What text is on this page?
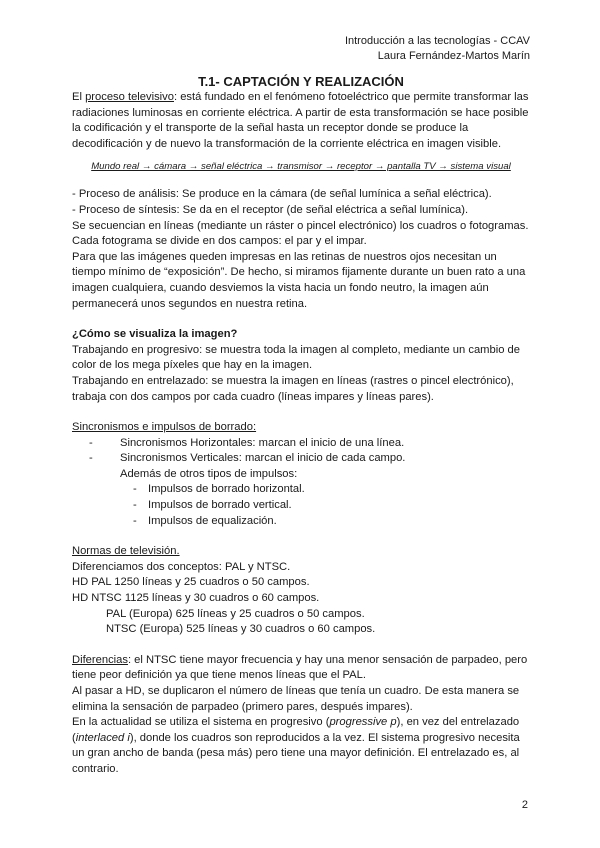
Introducción a las tecnologías - CCAV
Laura Fernández-Martos Marín
T.1- CAPTACIÓN Y REALIZACIÓN

El proceso televisivo: está fundado en el fenómeno fotoeléctrico que permite transformar las radiaciones luminosas en corriente eléctrica. A partir de esta transformación se hace posible la codificación y el transporte de la señal hasta un receptor donde se produce la decodificación y de nuevo la transformación de la corriente eléctrica en imagen visible.

Mundo real → cámara → señal eléctrica → transmisor → receptor → pantalla TV → sistema visual

- Proceso de análisis: Se produce en la cámara (de señal lumínica a señal eléctrica).

- Proceso de síntesis: Se da en el receptor (de señal eléctrica a señal lumínica).

Se secuencian en líneas (mediante un ráster o pincel electrónico) los cuadros o fotogramas.

Cada fotograma se divide en dos campos: el par y el impar.

Para que las imágenes queden impresas en las retinas de nuestros ojos necesitan un tiempo mínimo de “exposición”. De hecho, si miramos fijamente durante un buen rato a una imagen cualquiera, cuando desviemos la vista hacia un fondo neutro, la imagen aún permanecerá unos segundos en nuestra retina.

¿Cómo se visualiza la imagen?

Trabajando en progresivo: se muestra toda la imagen al completo, mediante un cambio de color de los mega píxeles que hay en la imagen.

Trabajando en entrelazado: se muestra la imagen en líneas (rastres o pincel electrónico), trabaja con dos campos por cada cuadro (líneas impares y líneas pares).

Sincronismos e impulsos de borrado:

- Sincronismos Horizontales: marcan el inicio de una línea.
- Sincronismos Verticales: marcan el inicio de cada campo.

Además de otros tipos de impulsos:

- Impulsos de borrado horizontal.
- Impulsos de borrado vertical.
- Impulsos de equalización.

Normas de televisión.

Diferenciamos dos conceptos: PAL y NTSC.

HD PAL 1250 líneas y 25 cuadros o 50 campos.

HD NTSC 1125 líneas y 30 cuadros o 60 campos.

PAL (Europa) 625 líneas y 25 cuadros o 50 campos.

NTSC (Europa) 525 líneas y 30 cuadros o 60 campos.

Diferencias: el NTSC tiene mayor frecuencia y hay una menor sensación de parpadeo, pero tiene peor definición ya que tiene menos líneas que el PAL.

Al pasar a HD, se duplicaron el número de líneas que tenía un cuadro. De esta manera se elimina la sensación de parpadeo (primero pares, después impares).

En la actualidad se utiliza el sistema en progresivo (progressive p), en vez del entrelazado (interlaced i), donde los cuadros son reproducidos a la vez. El sistema progresivo necesita un gran ancho de banda (pesa más) pero tiene una mayor definición. El entrelazado es, al contrario.

2
